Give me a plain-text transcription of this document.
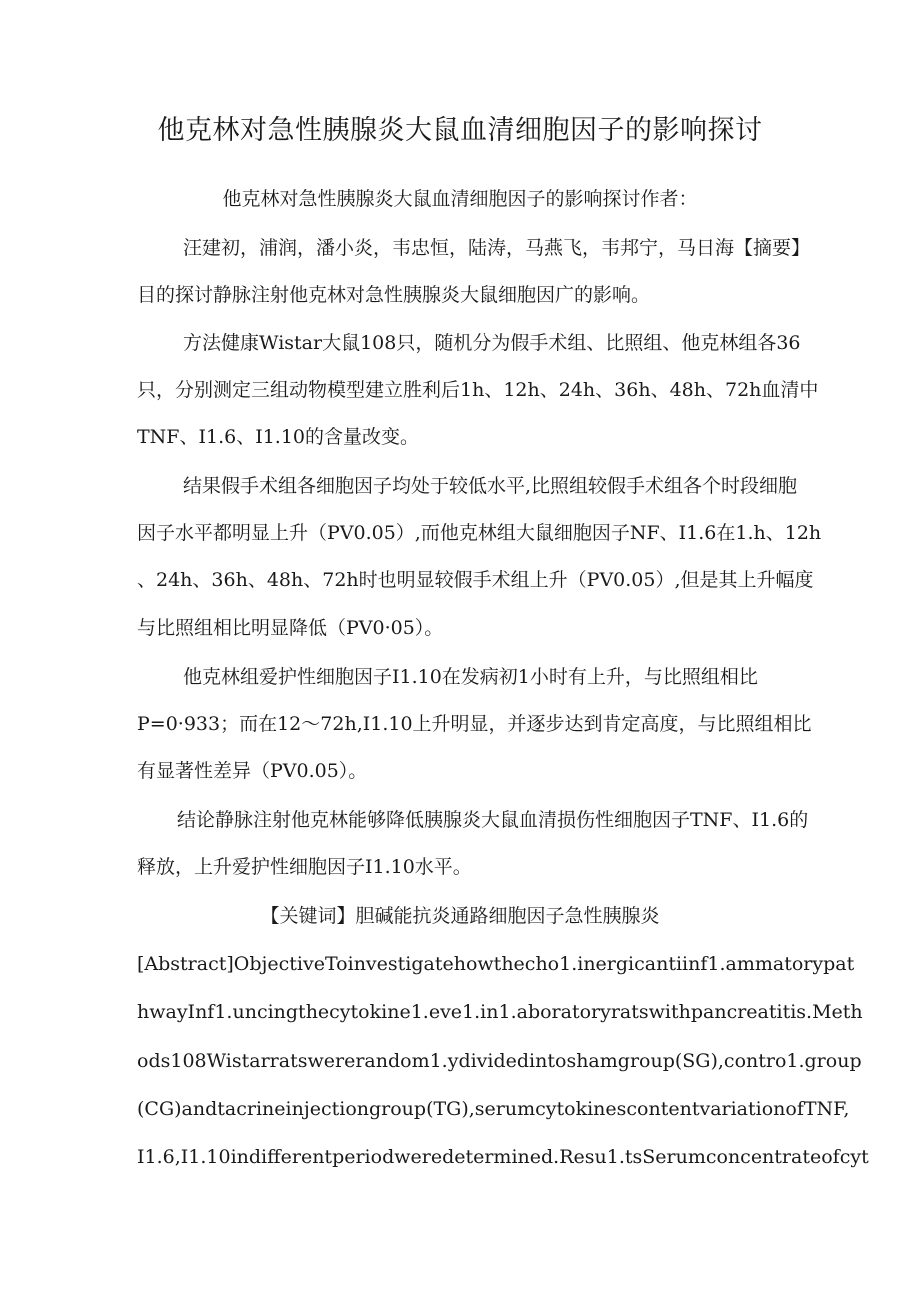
他克林对急性胰腺炎大鼠血清细胞因子的影响探讨
他克林对急性胰腺炎大鼠血清细胞因子的影响探讨作者：
汪建初，浦润，潘小炎，韦忠恒，陆涛，马燕飞，韦邦宁，马日海【摘要】
目的探讨静脉注射他克林对急性胰腺炎大鼠细胞因广的影响。
方法健康Wistar大鼠108只，随机分为假手术组、比照组、他克林组各36
只，分别测定三组动物模型建立胜利后1h、12h、24h、36h、48h、72h血清中
TNF、I1.6、I1.10的含量改变。
结果假手术组各细胞因子均处于较低水平,比照组较假手术组各个时段细胞
因子水平都明显上升（PV0.05）,而他克林组大鼠细胞因子NF、I1.6在1.h、12h
、24h、36h、48h、72h时也明显较假手术组上升（PV0.05）,但是其上升幅度
与比照组相比明显降低（PV0·05）。
他克林组爱护性细胞因子I1.10在发病初1小时有上升，与比照组相比
P=0·933；而在12～72h,I1.10上升明显，并逐步达到肯定高度，与比照组相比
有显著性差异（PV0.05）。
结论静脉注射他克林能够降低胰腺炎大鼠血清损伤性细胞因子TNF、I1.6的
释放，上升爱护性细胞因子I1.10水平。
【关键词】胆碱能抗炎通路细胞因子急性胰腺炎
[Abstract]ObjectiveToinvestigatehowthecho1.inergicantiinf1.ammatorypat
hwayInf1.uncingthecytokine1.eve1.in1.aboratoryratswithpancreatitis.Meth
ods108Wistarratswererandom1.ydividedintoshamgroup(SG),contro1.group
(CG)andtacrineinjectiongroup(TG),serumcytokinescontentvariationofTNF,
I1.6,I1.10indifferentperiodweredetermined.Resu1.tsSerumconcentrateofcyt
